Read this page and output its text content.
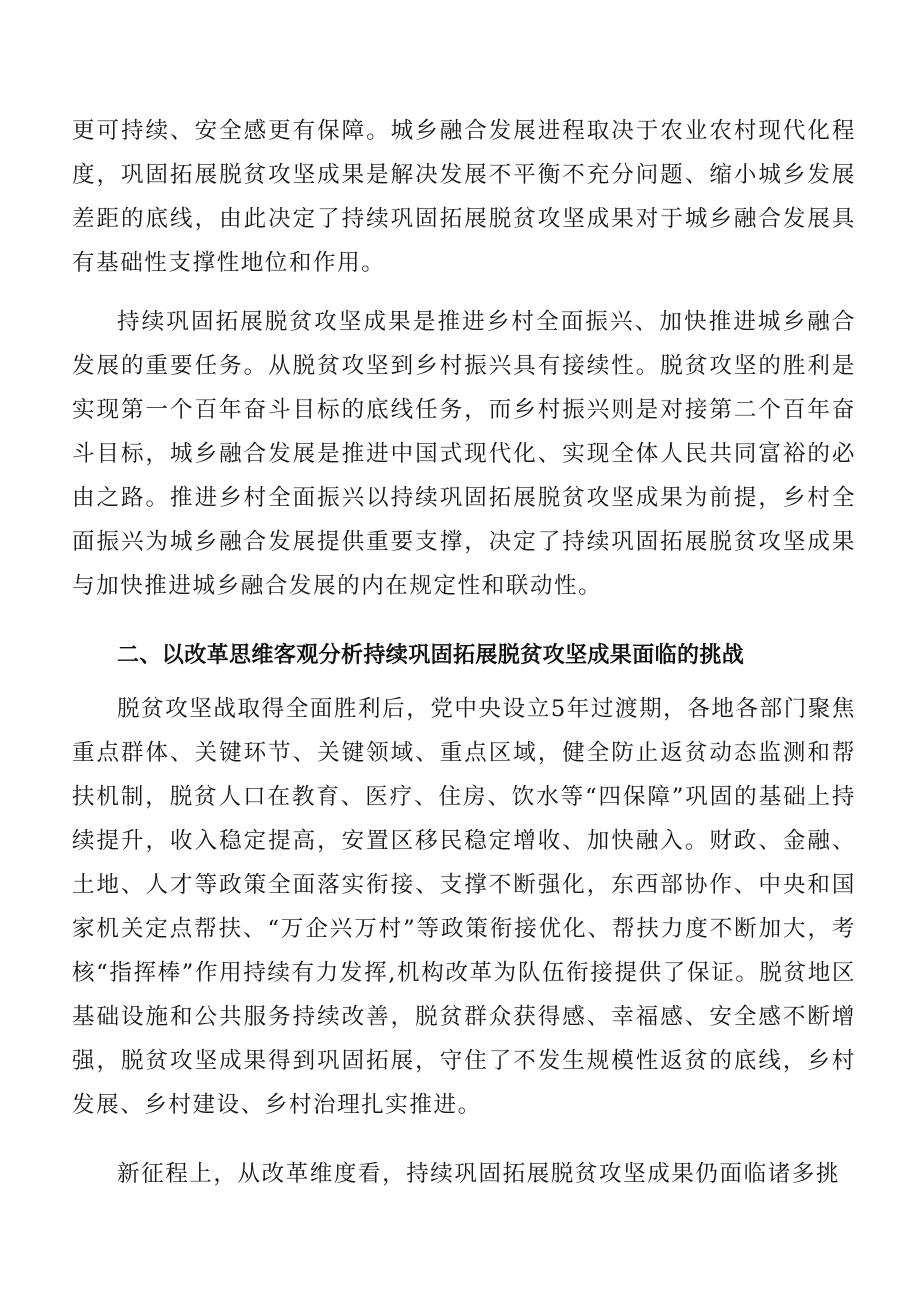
更可持续、安全感更有保障。城乡融合发展进程取决于农业农村现代化程度，巩固拓展脱贫攻坚成果是解决发展不平衡不充分问题、缩小城乡发展差距的底线，由此决定了持续巩固拓展脱贫攻坚成果对于城乡融合发展具有基础性支撑性地位和作用。

持续巩固拓展脱贫攻坚成果是推进乡村全面振兴、加快推进城乡融合发展的重要任务。从脱贫攻坚到乡村振兴具有接续性。脱贫攻坚的胜利是实现第一个百年奋斗目标的底线任务，而乡村振兴则是对接第二个百年奋斗目标，城乡融合发展是推进中国式现代化、实现全体人民共同富裕的必由之路。推进乡村全面振兴以持续巩固拓展脱贫攻坚成果为前提，乡村全面振兴为城乡融合发展提供重要支撑，决定了持续巩固拓展脱贫攻坚成果与加快推进城乡融合发展的内在规定性和联动性。

二、以改革思维客观分析持续巩固拓展脱贫攻坚成果面临的挑战

脱贫攻坚战取得全面胜利后，党中央设立5年过渡期，各地各部门聚焦重点群体、关键环节、关键领域、重点区域，健全防止返贫动态监测和帮扶机制，脱贫人口在教育、医疗、住房、饮水等“四保障”巩固的基础上持续提升，收入稳定提高，安置区移民稳定增收、加快融入。财政、金融、土地、人才等政策全面落实衔接、支撑不断强化，东西部协作、中央和国家机关定点帮扶、“万企兴万村”等政策衔接优化、帮扶力度不断加大，考核“指挥棒”作用持续有力发挥,机构改革为队伍衔接提供了保证。脱贫地区基础设施和公共服务持续改善，脱贫群众获得感、幸福感、安全感不断增强，脱贫攻坚成果得到巩固拓展，守住了不发生规模性返贫的底线，乡村发展、乡村建设、乡村治理扎实推进。

新征程上，从改革维度看，持续巩固拓展脱贫攻坚成果仍面临诸多挑
